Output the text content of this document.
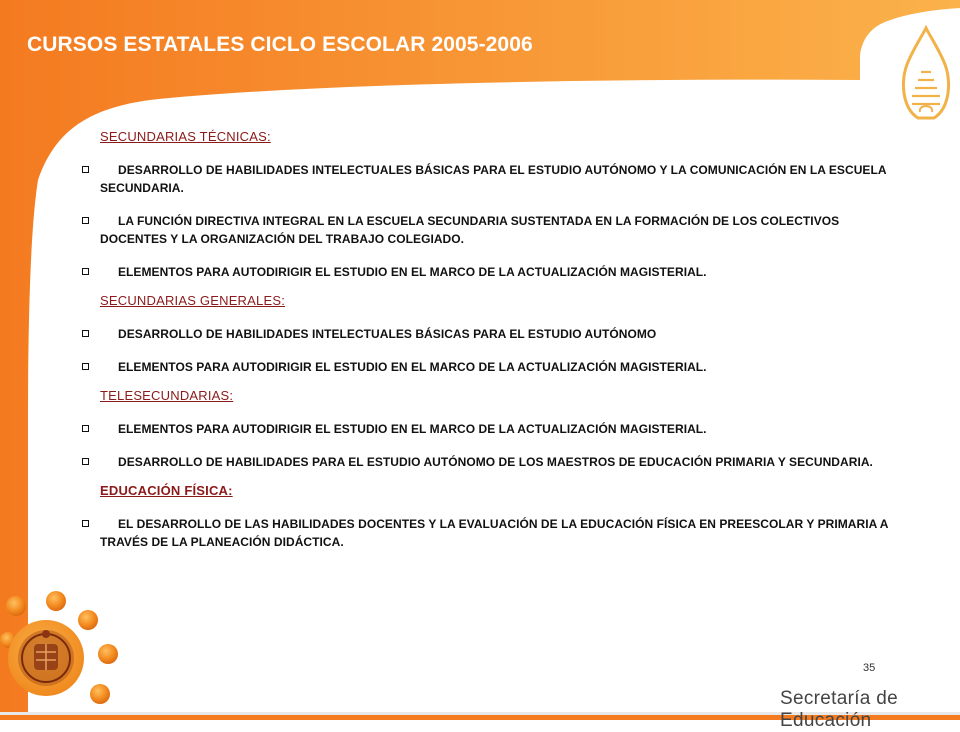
CURSOS ESTATALES CICLO ESCOLAR 2005-2006
SECUNDARIAS TÉCNICAS:
DESARROLLO DE HABILIDADES INTELECTUALES BÁSICAS PARA EL ESTUDIO AUTÓNOMO Y LA COMUNICACIÓN EN LA ESCUELA SECUNDARIA.
LA FUNCIÓN DIRECTIVA INTEGRAL EN LA ESCUELA SECUNDARIA SUSTENTADA EN LA FORMACIÓN DE LOS COLECTIVOS DOCENTES Y LA ORGANIZACIÓN DEL TRABAJO COLEGIADO.
ELEMENTOS PARA AUTODIRIGIR EL ESTUDIO EN EL MARCO DE LA ACTUALIZACIÓN MAGISTERIAL.
SECUNDARIAS GENERALES:
DESARROLLO DE HABILIDADES INTELECTUALES BÁSICAS PARA EL ESTUDIO AUTÓNOMO
ELEMENTOS PARA AUTODIRIGIR EL ESTUDIO EN EL MARCO DE LA ACTUALIZACIÓN MAGISTERIAL.
TELESECUNDARIAS:
ELEMENTOS PARA AUTODIRIGIR EL ESTUDIO EN EL MARCO DE LA ACTUALIZACIÓN MAGISTERIAL.
DESARROLLO DE HABILIDADES PARA EL ESTUDIO AUTÓNOMO DE LOS MAESTROS DE EDUCACIÓN PRIMARIA Y SECUNDARIA.
EDUCACIÓN FÍSICA:
EL DESARROLLO DE LAS HABILIDADES DOCENTES Y LA EVALUACIÓN DE LA EDUCACIÓN FÍSICA EN PREESCOLAR Y PRIMARIA A TRAVÉS DE LA PLANEACIÓN DIDÁCTICA.
35
Secretaría de Educación
